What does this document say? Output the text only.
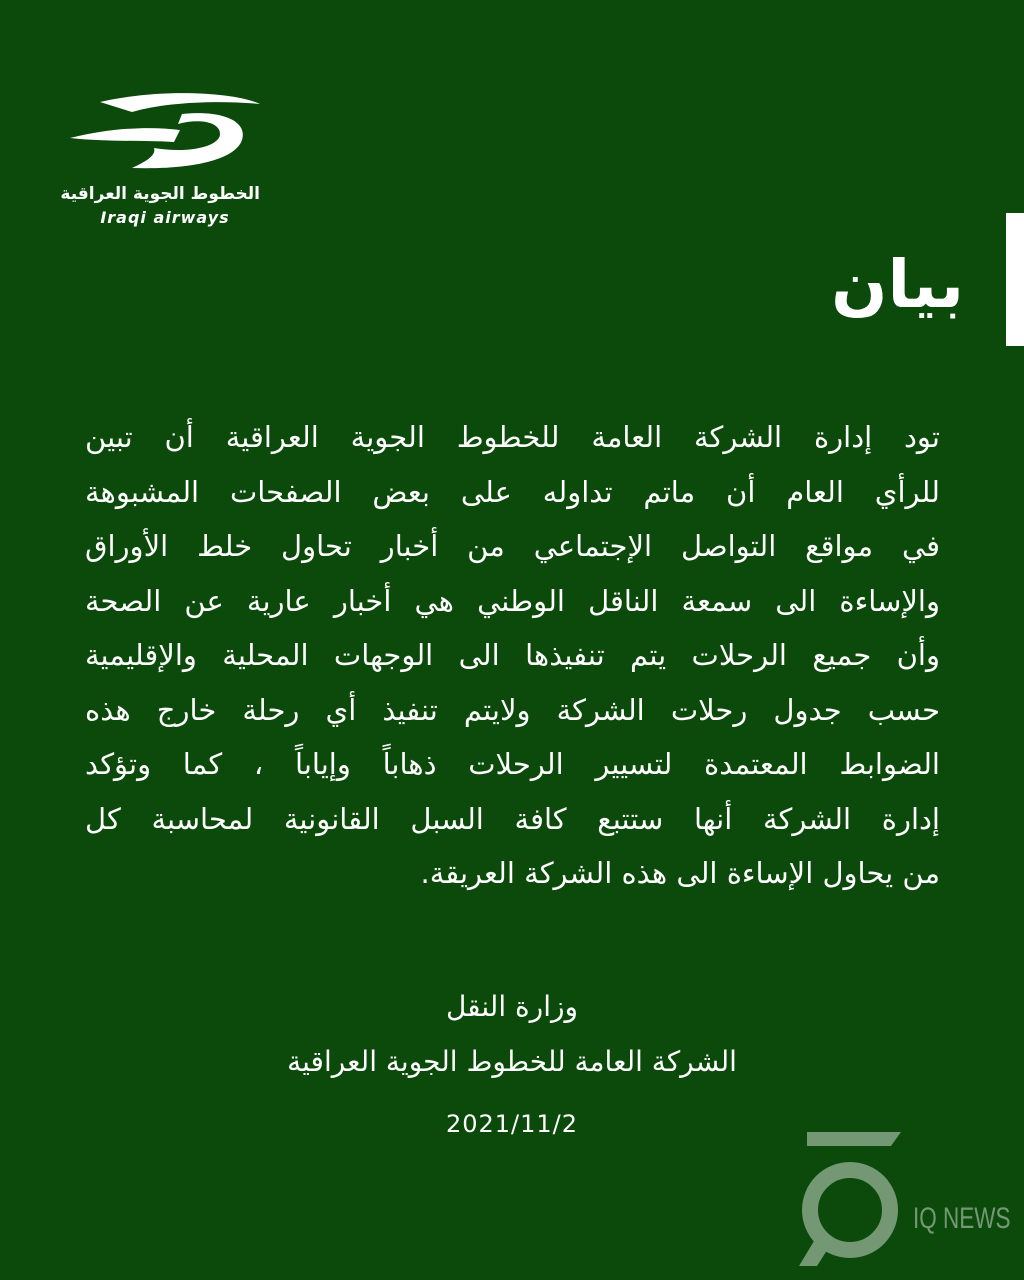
الخطوط الجوية العراقية
Iraqi airways
بيان
تود إدارة الشركة العامة للخطوط الجوية العراقية أن تبين
للرأي العام أن ماتم تداوله على بعض الصفحات المشبوهة
في مواقع التواصل الإجتماعي من أخبار تحاول خلط الأوراق
والإساءة الى سمعة الناقل الوطني هي أخبار عارية عن الصحة
وأن جميع الرحلات يتم تنفيذها الى الوجهات المحلية والإقليمية
حسب جدول رحلات الشركة ولايتم تنفيذ أي رحلة خارج هذه
الضوابط المعتمدة لتسيير الرحلات ذهاباً وإياباً ، كما وتؤكد
إدارة الشركة أنها ستتبع كافة السبل القانونية لمحاسبة كل
من يحاول الإساءة الى هذه الشركة العريقة.
وزارة النقل
الشركة العامة للخطوط الجوية العراقية
2021/11/2
IQ NEWS
